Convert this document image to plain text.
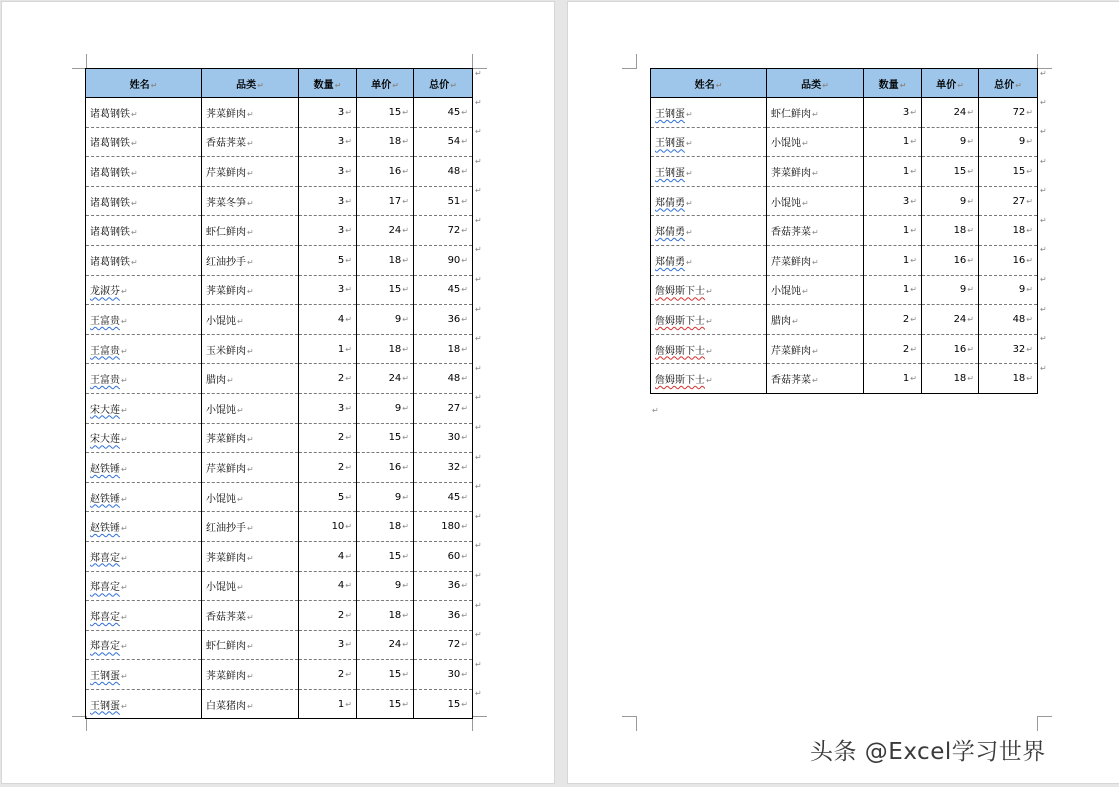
姓名↵	品类↵	数量↵	单价↵	总价↵
诸葛钢铁↵	荠菜鲜肉↵	3↵	15↵	45↵
诸葛钢铁↵	香菇荠菜↵	3↵	18↵	54↵
诸葛钢铁↵	芹菜鲜肉↵	3↵	16↵	48↵
诸葛钢铁↵	荠菜冬笋↵	3↵	17↵	51↵
诸葛钢铁↵	虾仁鲜肉↵	3↵	24↵	72↵
诸葛钢铁↵	红油抄手↵	5↵	18↵	90↵
龙淑芬↵	荠菜鲜肉↵	3↵	15↵	45↵
王富贵↵	小馄饨↵	4↵	9↵	36↵
王富贵↵	玉米鲜肉↵	1↵	18↵	18↵
王富贵↵	腊肉↵	2↵	24↵	48↵
宋大莲↵	小馄饨↵	3↵	9↵	27↵
宋大莲↵	荠菜鲜肉↵	2↵	15↵	30↵
赵铁锤↵	芹菜鲜肉↵	2↵	16↵	32↵
赵铁锤↵	小馄饨↵	5↵	9↵	45↵
赵铁锤↵	红油抄手↵	10↵	18↵	180↵
郑喜定↵	荠菜鲜肉↵	4↵	15↵	60↵
郑喜定↵	小馄饨↵	4↵	9↵	36↵
郑喜定↵	香菇荠菜↵	2↵	18↵	36↵
郑喜定↵	虾仁鲜肉↵	3↵	24↵	72↵
王钢蛋↵	荠菜鲜肉↵	2↵	15↵	30↵
王钢蛋↵	白菜猪肉↵	1↵	15↵	15↵
↵
↵
↵
↵
↵
↵
↵
↵
↵
↵
↵
↵
↵
↵
↵
↵
↵
↵
↵
↵
↵
↵
姓名↵	品类↵	数量↵	单价↵	总价↵
王钢蛋↵	虾仁鲜肉↵	3↵	24↵	72↵
王钢蛋↵	小馄饨↵	1↵	9↵	9↵
王钢蛋↵	荠菜鲜肉↵	1↵	15↵	15↵
郑倩勇↵	小馄饨↵	3↵	9↵	27↵
郑倩勇↵	香菇荠菜↵	1↵	18↵	18↵
郑倩勇↵	芹菜鲜肉↵	1↵	16↵	16↵
詹姆斯下士↵	小馄饨↵	1↵	9↵	9↵
詹姆斯下士↵	腊肉↵	2↵	24↵	48↵
詹姆斯下士↵	芹菜鲜肉↵	2↵	16↵	32↵
詹姆斯下士↵	香菇荠菜↵	1↵	18↵	18↵
↵
↵
↵
↵
↵
↵
↵
↵
↵
↵
↵
↵
头条 @Excel学习世界
